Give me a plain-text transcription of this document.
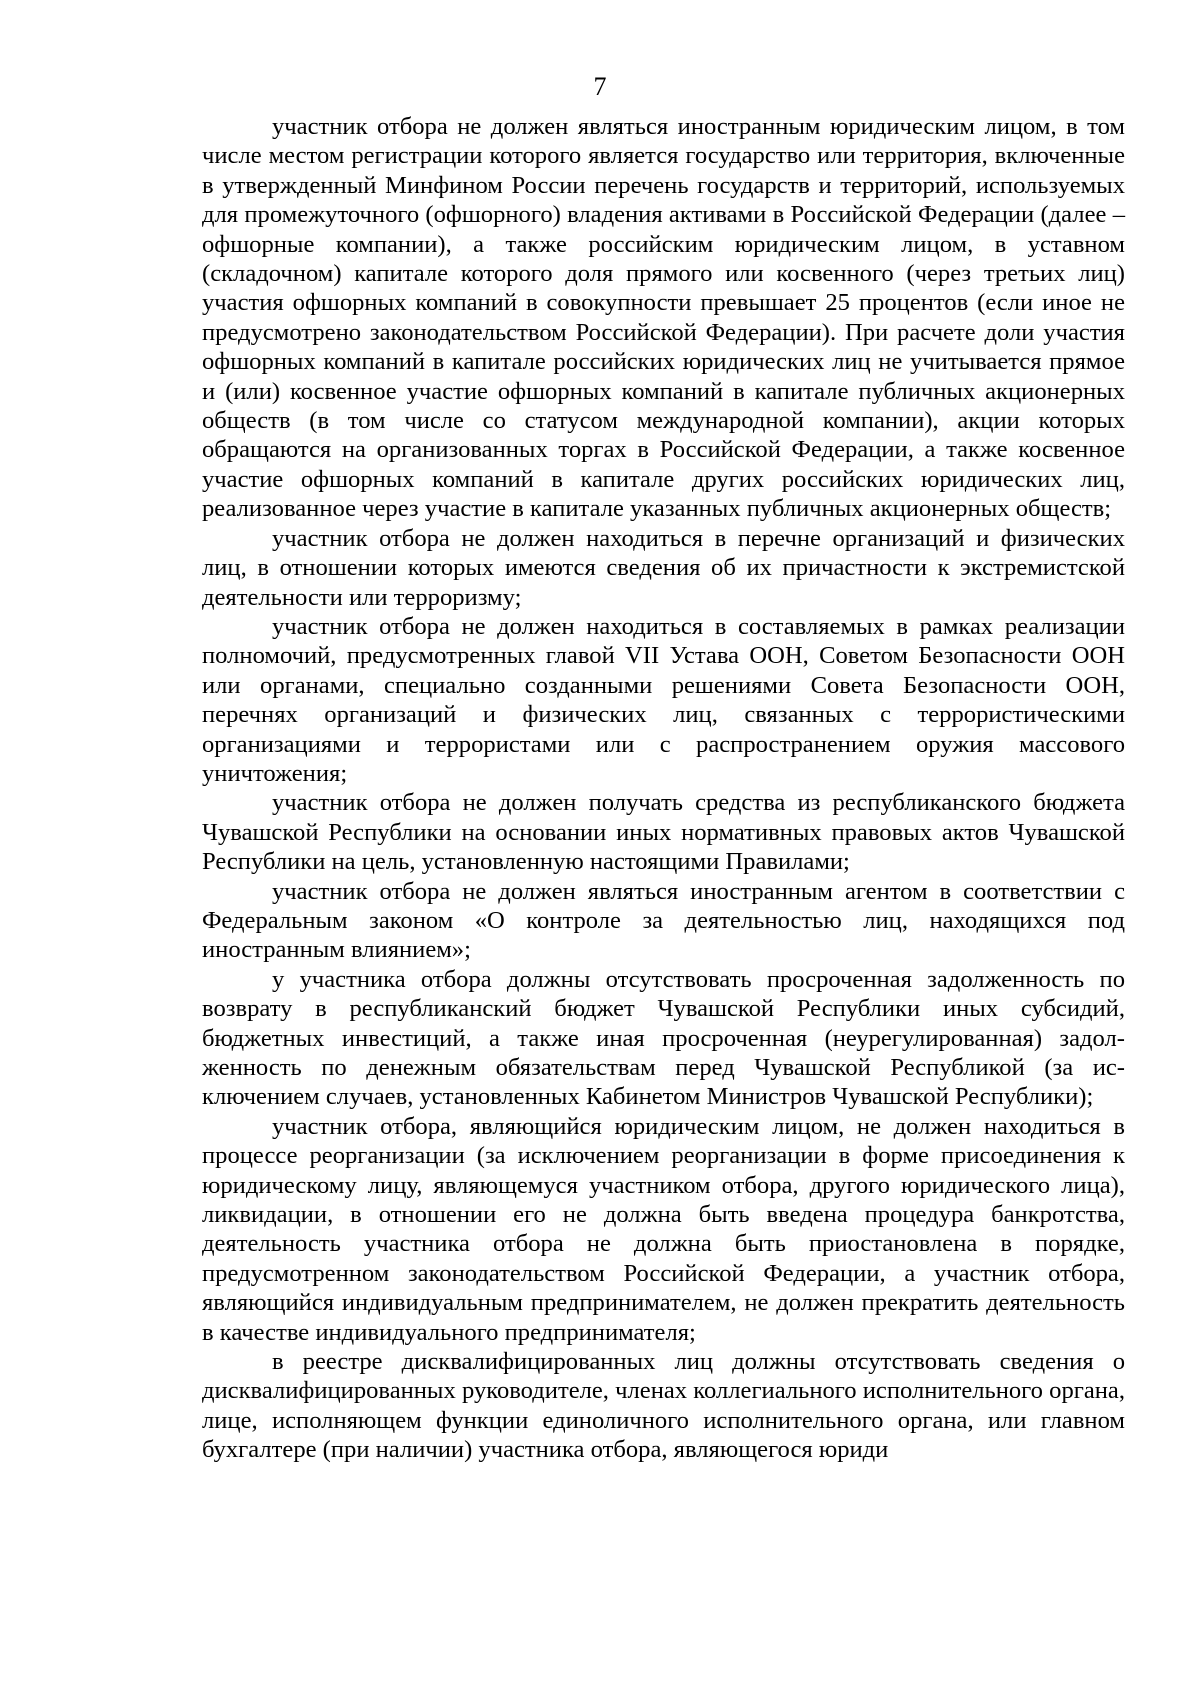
7

участник отбора не должен являться иностранным юридическим лицом, в том числе местом регистрации которого является государство или территория, включенные в утвержденный Минфином России перечень государств и территорий, используемых для промежуточного (офшорного) владения активами в Российской Федерации (далее – офшорные компании), а также российским юридическим лицом, в уставном (складочном) капитале которого доля прямого или косвенного (через третьих лиц) участия офшорных компаний в совокупности превышает 25 процентов (если иное не предусмотрено законодательством Российской Федерации). При расчете доли участия офшорных компаний в капитале российских юридических лиц не учитывается прямое и (или) косвенное участие офшорных компаний в капитале публичных акционерных обществ (в том числе со статусом международной компании), акции которых обращаются на организованных торгах в Российской Федерации, а также косвенное участие офшорных компаний в капитале других российских юридических лиц, реализованное через участие в капитале указанных публичных акционерных обществ;

участник отбора не должен находиться в перечне организаций и физических лиц, в отношении которых имеются сведения об их причастности к экстремистской деятельности или терроризму;

участник отбора не должен находиться в составляемых в рамках реализации полномочий, предусмотренных главой VII Устава ООН, Советом Безопасности ООН или органами, специально созданными решениями Совета Безопасности ООН, перечнях организаций и физических лиц, связанных с террористическими организациями и террористами или с распространением оружия массового уничтожения;

участник отбора не должен получать средства из республиканского бюджета Чувашской Республики на основании иных нормативных правовых актов Чувашской Республики на цель, установленную настоящими Правилами;

участник отбора не должен являться иностранным агентом в соответствии с Федеральным законом «О контроле за деятельностью лиц, находящихся под иностранным влиянием»;

у участника отбора должны отсутствовать просроченная задолженность по возврату в республиканский бюджет Чувашской Республики иных субсидий, бюджетных инвестиций, а также иная просроченная (неурегулированная) задолженность по денежным обязательствам перед Чувашской Республикой (за исключением случаев, установленных Кабинетом Министров Чувашской Республики);

участник отбора, являющийся юридическим лицом, не должен находиться в процессе реорганизации (за исключением реорганизации в форме присоединения к юридическому лицу, являющемуся участником отбора, другого юридического лица), ликвидации, в отношении его не должна быть введена процедура банкротства, деятельность участника отбора не должна быть приостановлена в порядке, предусмотренном законодательством Российской Федерации, а участник отбора, являющийся индивидуальным предпринимателем, не должен прекратить деятельность в качестве индивидуального предпринимателя;

в реестре дисквалифицированных лиц должны отсутствовать сведения о дисквалифицированных руководителе, членах коллегиального исполнительного органа, лице, исполняющем функции единоличного исполнительного органа, или главном бухгалтере (при наличии) участника отбора, являющегося юриди
